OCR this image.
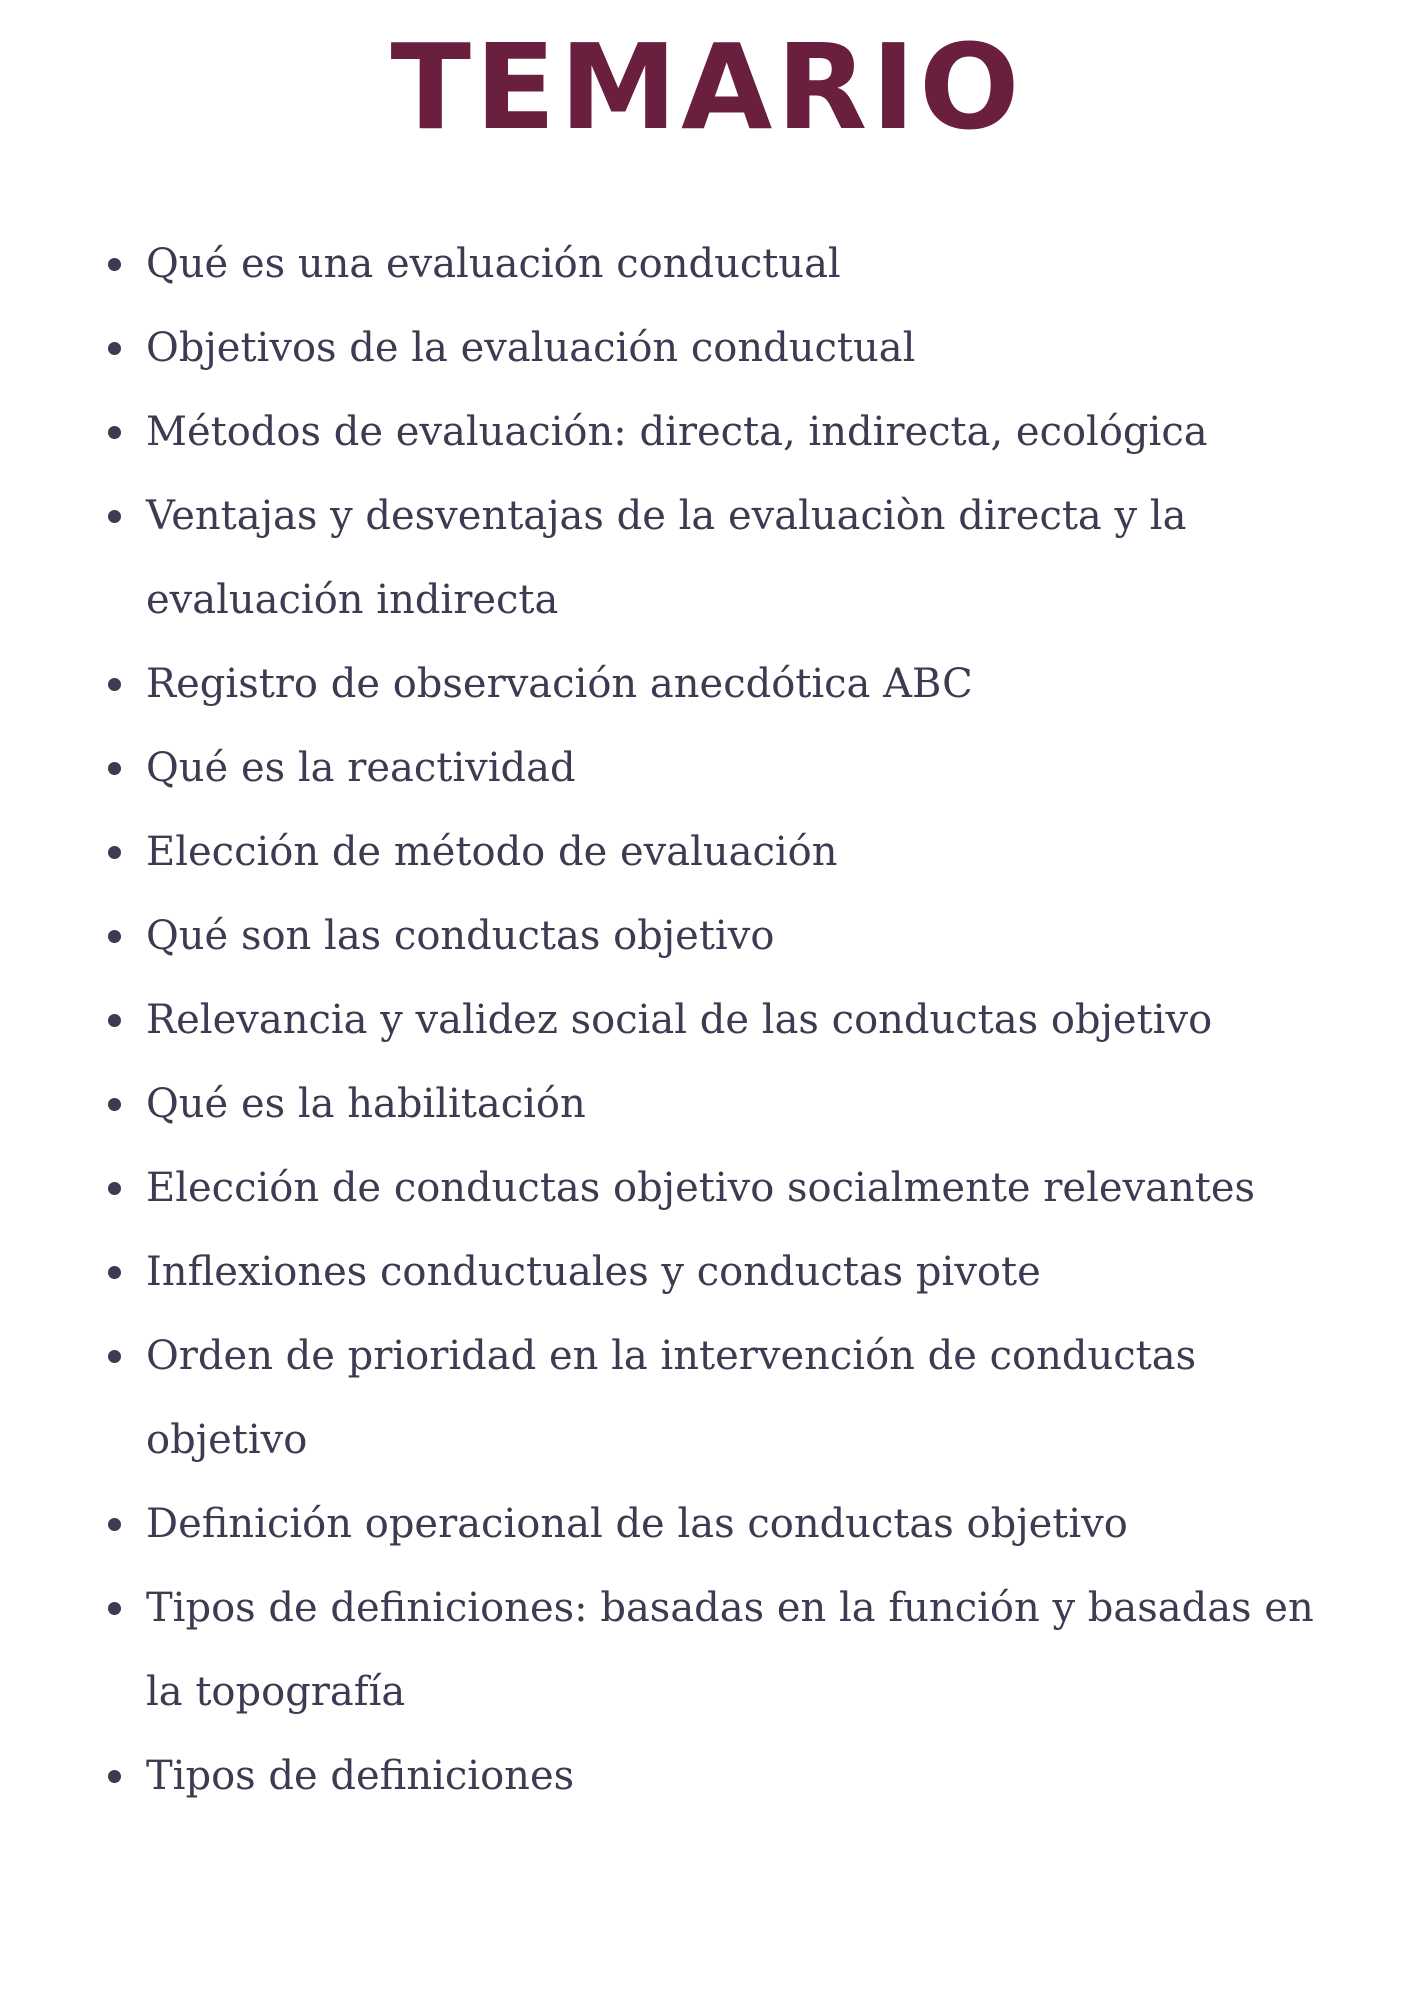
TEMARIO
Qué es una evaluación conductual
Objetivos de la evaluación conductual
Métodos de evaluación: directa, indirecta, ecológica
Ventajas y desventajas de la evaluaciòn directa y la evaluación indirecta
Registro de observación anecdótica ABC
Qué es la reactividad
Elección de método de evaluación
Qué son las conductas objetivo
Relevancia y validez social de las conductas objetivo
Qué es la habilitación
Elección de conductas objetivo socialmente relevantes
Inflexiones conductuales y conductas pivote
Orden de prioridad en la intervención de conductas objetivo
Definición operacional de las conductas objetivo
Tipos de definiciones: basadas en la función y basadas en la topografía
Tipos de definiciones
